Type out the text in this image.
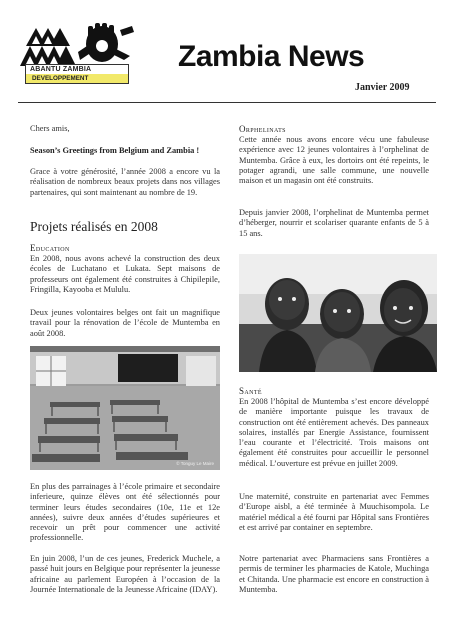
ABANTU ZAMBIA
DEVELOPPEMENT
Zambia News
Janvier 2009

Chers amis,

Season’s Greetings from Belgium and Zambia !

Grace à votre générosité, l’année 2008 a encore vu la réalisation de nombreux beaux projets dans nos villages partenaires, qui sont maintenant au nombre de 19.

Projets réalisés en 2008
Education

En 2008, nous avons achevé la construction des deux écoles de Luchatano et Lukata. Sept maisons de professeurs ont également été construites à Chipilepile, Fringilla, Kayooba et Mululu.

Deux jeunes volontaires belges ont fait un magnifique travail pour la rénovation de l’école de Muntemba en août 2008.

© Tonguy Le Maire

En plus des parrainages à l’école primaire et secondaire inferieure, quinze élèves ont été sélectionnés pour terminer leurs études secondaires (10e, 11e et 12e années), suivre deux années d’études supérieures et recevoir un prêt pour commencer une activité professionnelle.

En juin 2008, l’un de ces jeunes, Frederick Muchele, a passé huit jours en Belgique pour représenter la jeunesse africaine au parlement Européen à l’occasion de la Journée Internationale de la Jeunesse Africaine (IDAY).

Orphelinats

Cette année nous avons encore vécu une fabuleuse expérience avec 12 jeunes volontaires à l’orphelinat de Muntemba. Grâce à eux, les dortoirs ont été repeints, le potager agrandi, une salle commune, une nouvelle maison et un magasin ont été construits.

Depuis janvier 2008, l’orphelinat de Muntemba permet d’héberger, nourrir et scolariser quarante enfants de 5 à 15 ans.

© Auteur: Yao Jun Bergh
Santé

En 2008 l’hôpital de Muntemba s’est encore développé de manière importante puisque les travaux de construction ont été entièrement achevés. Des panneaux solaires, installés par Energie Assistance, fournissent l’eau courante et l’électricité. Trois maisons ont également été construites pour accueillir le personnel médical. L’ouverture est prévue en juillet 2009.

Une maternité, construite en partenariat avec Femmes d’Europe aisbl, a été terminée à Muuchisompola. Le matériel médical a été fourni par Hôpital sans Frontières et est arrivé par container en septembre.

Notre partenariat avec Pharmaciens sans Frontières a permis de terminer les pharmacies de Katole, Muchinga et Chitanda. Une pharmacie est encore en construction à Muntemba.
